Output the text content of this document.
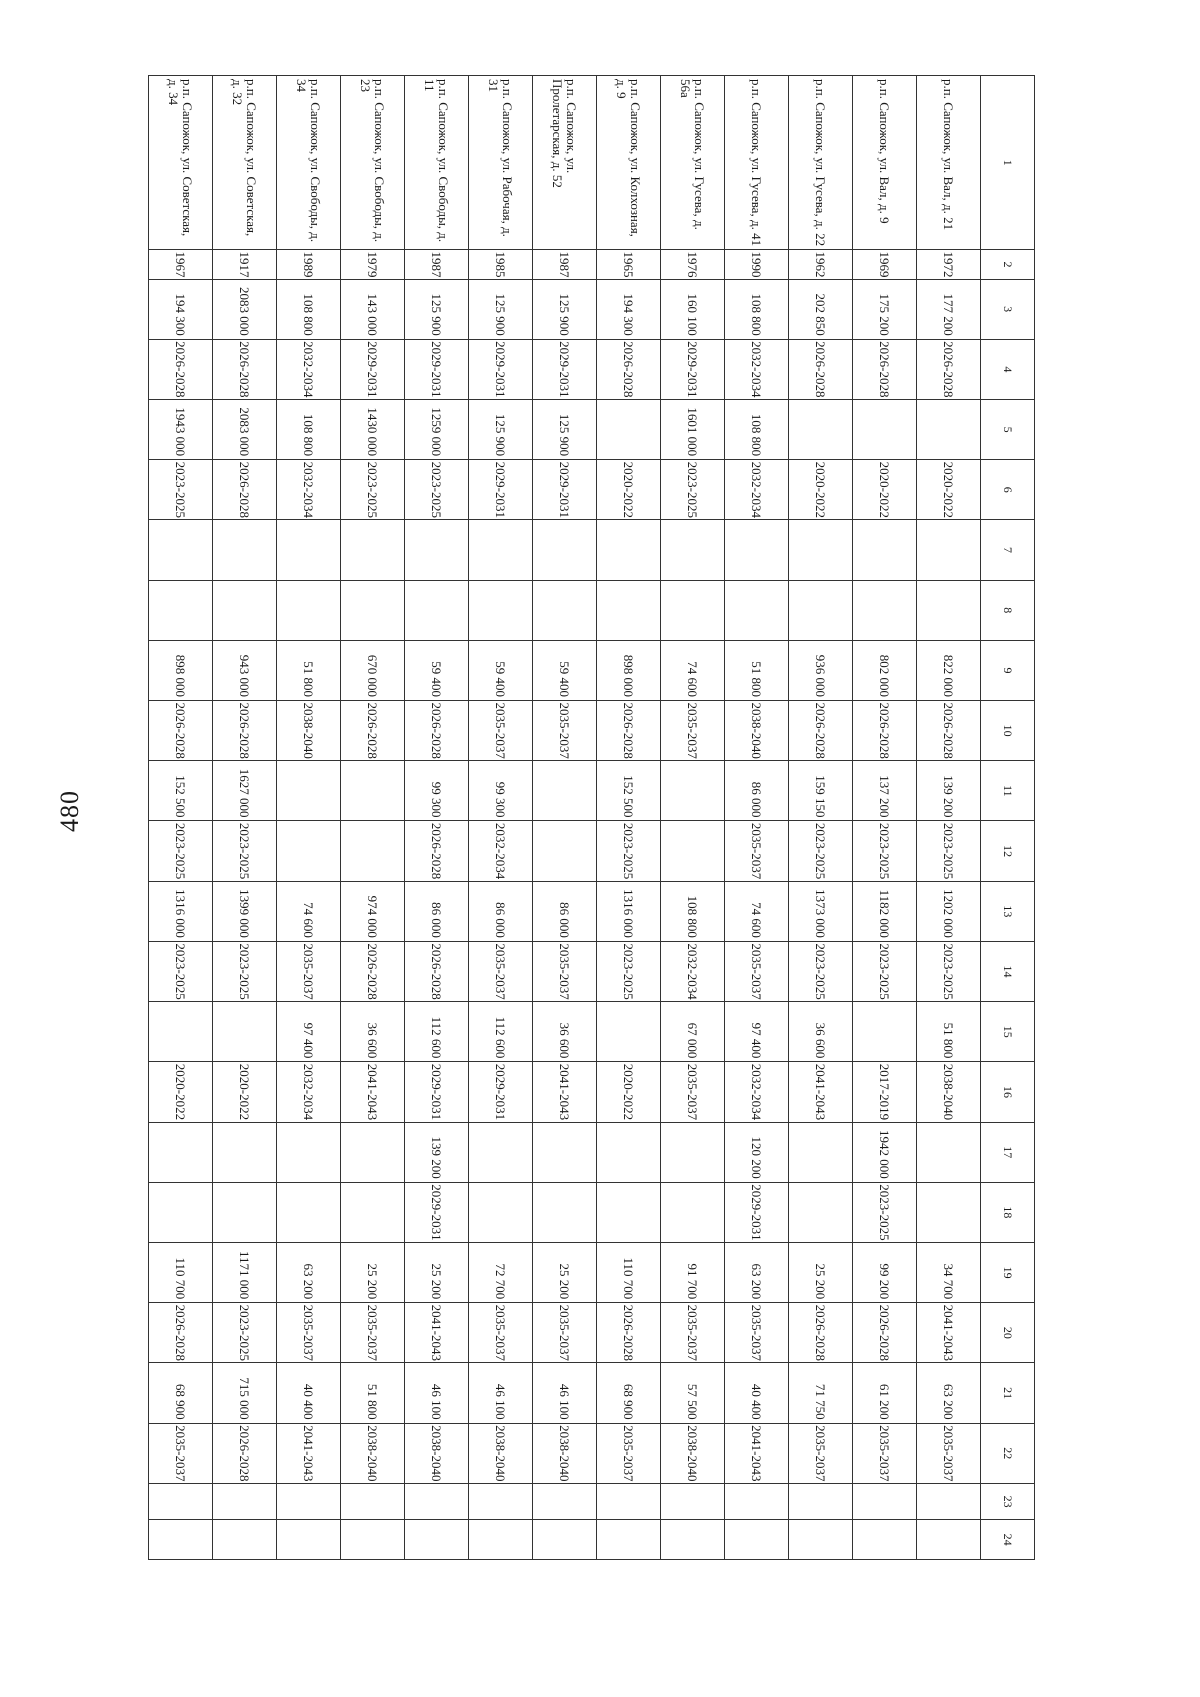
480
1	2	3	4	5	6	7	8	9	10	11	12	13	14	15	16	17	18	19	20	21	22	23	24
р.п. Сапожок, ул. Вал, д. 21	1972	177 200	2026-2028		2020-2022			822 000	2026-2028	139 200	2023-2025	1202 000	2023-2025	51 800	2038-2040			34 700	2041-2043	63 200	2035-2037		
р.п. Сапожок, ул. Вал, д. 9	1969	175 200	2026-2028		2020-2022			802 000	2026-2028	137 200	2023-2025	1182 000	2023-2025		2017-2019	1942 000	2023-2025	99 200	2026-2028	61 200	2035-2037		
р.п. Сапожок, ул. Гусева, д. 22	1962	202 850	2026-2028		2020-2022			936 000	2026-2028	159 150	2023-2025	1373 000	2023-2025	36 600	2041-2043			25 200	2026-2028	71 750	2035-2037		
р.п. Сапожок, ул. Гусева, д. 41	1990	108 800	2032-2034	108 800	2032-2034			51 800	2038-2040	86 000	2035-2037	74 600	2035-2037	97 400	2032-2034	120 200	2029-2031	63 200	2035-2037	40 400	2041-2043		
р.п. Сапожок, ул. Гусева, д. 56а	1976	160 100	2029-2031	1601 000	2023-2025			74 600	2035-2037			108 800	2032-2034	67 000	2035-2037			91 700	2035-2037	57 500	2038-2040		
р.п. Сапожок, ул. Колхозная, д. 9	1965	194 300	2026-2028		2020-2022			898 000	2026-2028	152 500	2023-2025	1316 000	2023-2025		2020-2022			110 700	2026-2028	68 900	2035-2037		
р.п. Сапожок, ул. Пролетарская, д. 52	1987	125 900	2029-2031	125 900	2029-2031			59 400	2035-2037			86 000	2035-2037	36 600	2041-2043			25 200	2035-2037	46 100	2038-2040		
р.п. Сапожок, ул. Рабочая, д. 31	1985	125 900	2029-2031	125 900	2029-2031			59 400	2035-2037	99 300	2032-2034	86 000	2035-2037	112 600	2029-2031			72 700	2035-2037	46 100	2038-2040		
р.п. Сапожок, ул. Свободы, д. 11	1987	125 900	2029-2031	1259 000	2023-2025			59 400	2026-2028	99 300	2026-2028	86 000	2026-2028	112 600	2029-2031	139 200	2029-2031	25 200	2041-2043	46 100	2038-2040		
р.п. Сапожок, ул. Свободы, д. 23	1979	143 000	2029-2031	1430 000	2023-2025			670 000	2026-2028			974 000	2026-2028	36 600	2041-2043			25 200	2035-2037	51 800	2038-2040		
р.п. Сапожок, ул. Свободы, д. 34	1989	108 800	2032-2034	108 800	2032-2034			51 800	2038-2040			74 600	2035-2037	97 400	2032-2034			63 200	2035-2037	40 400	2041-2043		
р.п. Сапожок, ул. Советская, д. 32	1917	2083 000	2026-2028	2083 000	2026-2028			943 000	2026-2028	1627 000	2023-2025	1399 000	2023-2025		2020-2022			1171 000	2023-2025	715 000	2026-2028		
р.п. Сапожок, ул. Советская, д. 34	1967	194 300	2026-2028	1943 000	2023-2025			898 000	2026-2028	152 500	2023-2025	1316 000	2023-2025		2020-2022			110 700	2026-2028	68 900	2035-2037		
